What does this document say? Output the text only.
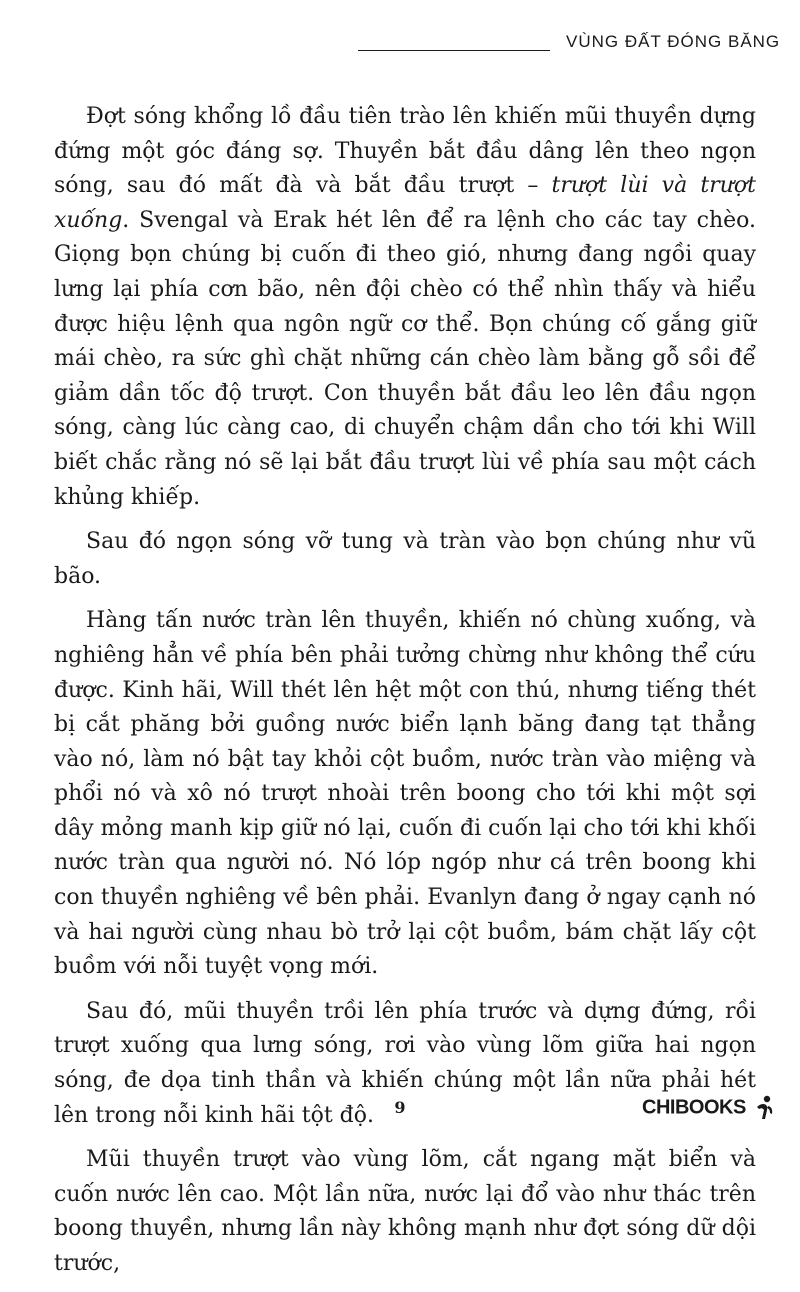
VÙNG ĐẤT ĐÓNG BĂNG

Đợt sóng khổng lồ đầu tiên trào lên khiến mũi thuyền dựng đứng một góc đáng sợ. Thuyền bắt đầu dâng lên theo ngọn sóng, sau đó mất đà và bắt đầu trượt – trượt lùi và trượt xuống. Svengal và Erak hét lên để ra lệnh cho các tay chèo. Giọng bọn chúng bị cuốn đi theo gió, nhưng đang ngồi quay lưng lại phía cơn bão, nên đội chèo có thể nhìn thấy và hiểu được hiệu lệnh qua ngôn ngữ cơ thể. Bọn chúng cố gắng giữ mái chèo, ra sức ghì chặt những cán chèo làm bằng gỗ sồi để giảm dần tốc độ trượt. Con thuyền bắt đầu leo lên đầu ngọn sóng, càng lúc càng cao, di chuyển chậm dần cho tới khi Will biết chắc rằng nó sẽ lại bắt đầu trượt lùi về phía sau một cách khủng khiếp.

Sau đó ngọn sóng vỡ tung và tràn vào bọn chúng như vũ bão.

Hàng tấn nước tràn lên thuyền, khiến nó chùng xuống, và nghiêng hẳn về phía bên phải tưởng chừng như không thể cứu được. Kinh hãi, Will thét lên hệt một con thú, nhưng tiếng thét bị cắt phăng bởi guồng nước biển lạnh băng đang tạt thẳng vào nó, làm nó bật tay khỏi cột buồm, nước tràn vào miệng và phổi nó và xô nó trượt nhoài trên boong cho tới khi một sợi dây mỏng manh kịp giữ nó lại, cuốn đi cuốn lại cho tới khi khối nước tràn qua người nó. Nó lóp ngóp như cá trên boong khi con thuyền nghiêng về bên phải. Evanlyn đang ở ngay cạnh nó và hai người cùng nhau bò trở lại cột buồm, bám chặt lấy cột buồm với nỗi tuyệt vọng mới.

Sau đó, mũi thuyền trồi lên phía trước và dựng đứng, rồi trượt xuống qua lưng sóng, rơi vào vùng lõm giữa hai ngọn sóng, đe dọa tinh thần và khiến chúng một lần nữa phải hét lên trong nỗi kinh hãi tột độ.

Mũi thuyền trượt vào vùng lõm, cắt ngang mặt biển và cuốn nước lên cao. Một lần nữa, nước lại đổ vào như thác trên boong thuyền, nhưng lần này không mạnh như đợt sóng dữ dội trước,

9	CHIBOOKS
